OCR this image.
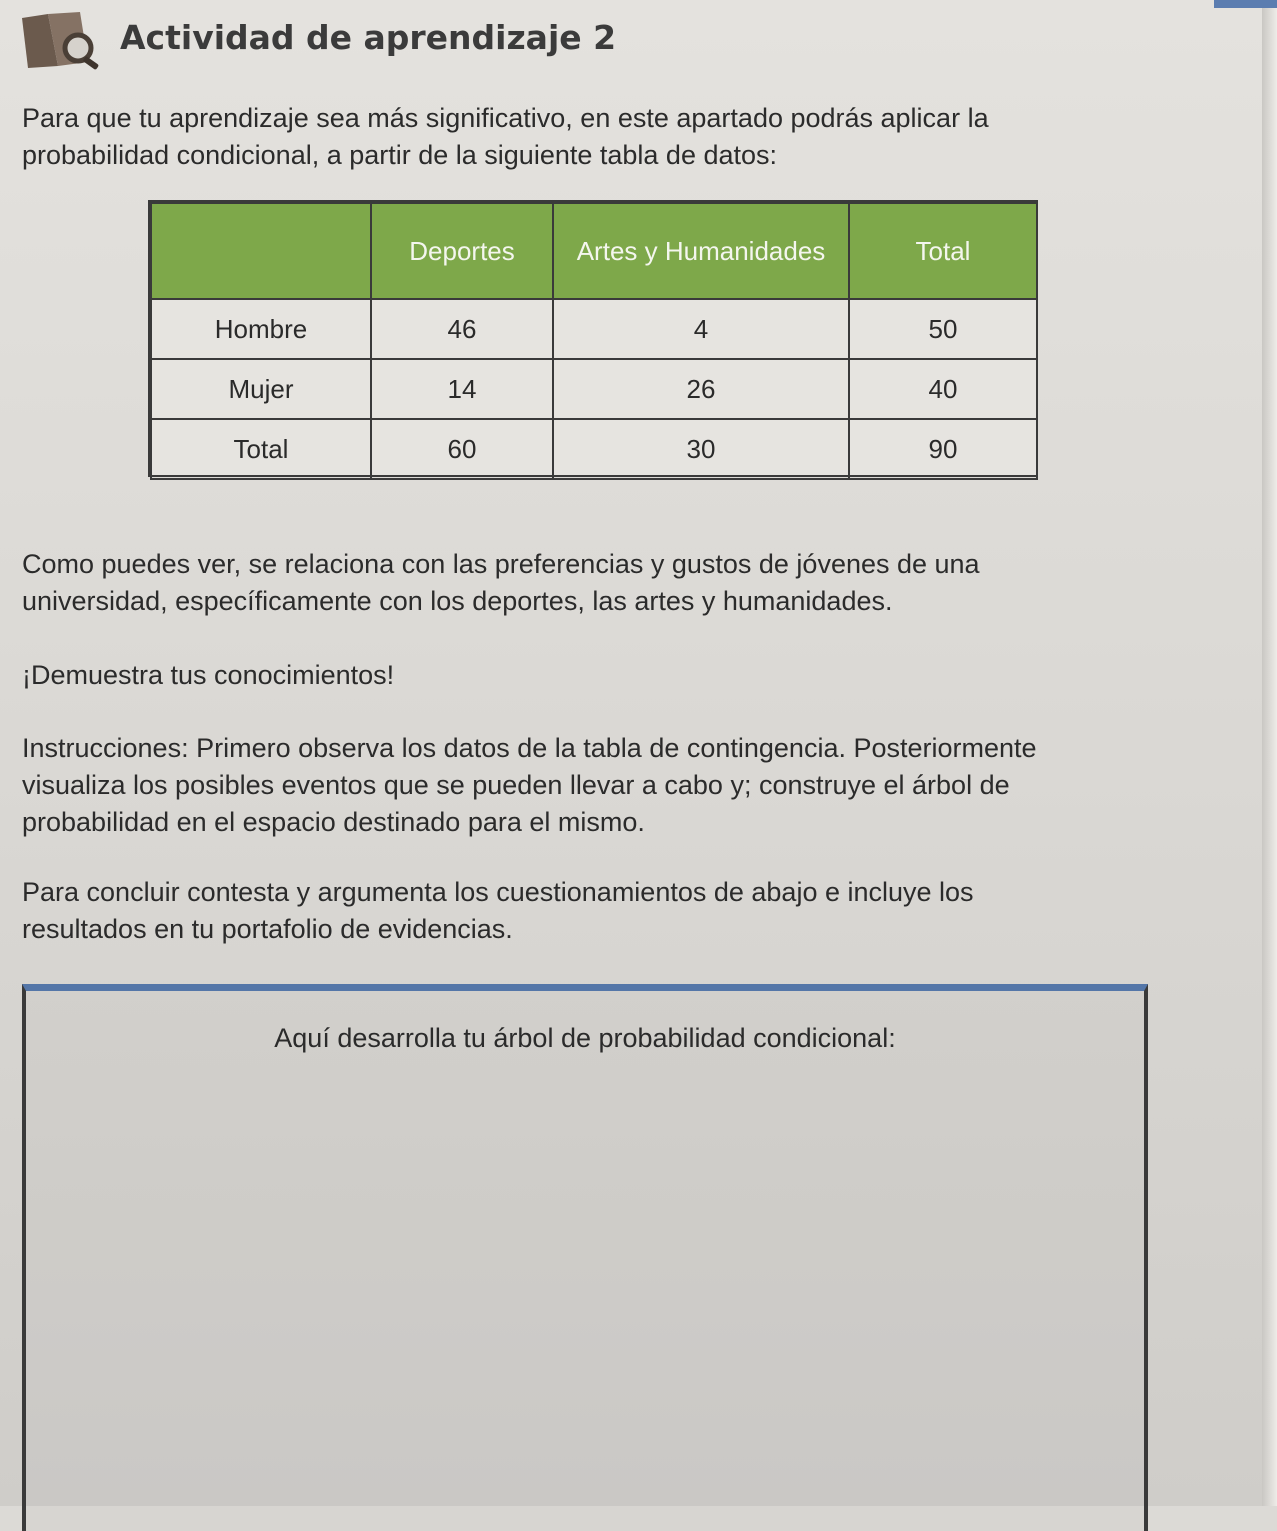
Actividad de aprendizaje 2
Para que tu aprendizaje sea más significativo, en este apartado podrás aplicar la
probabilidad condicional, a partir de la siguiente tabla de datos:
	Deportes	Artes y Humanidades	Total
Hombre	46	4	50
Mujer	14	26	40
Total	60	30	90
Como puedes ver, se relaciona con las preferencias y gustos de jóvenes de una
universidad, específicamente con los deportes, las artes y humanidades.
¡Demuestra tus conocimientos!
Instrucciones: Primero observa los datos de la tabla de contingencia. Posteriormente
visualiza los posibles eventos que se pueden llevar a cabo y; construye el árbol de
probabilidad en el espacio destinado para el mismo.
Para concluir contesta y argumenta los cuestionamientos de abajo e incluye los
resultados en tu portafolio de evidencias.
Aquí desarrolla tu árbol de probabilidad condicional:
